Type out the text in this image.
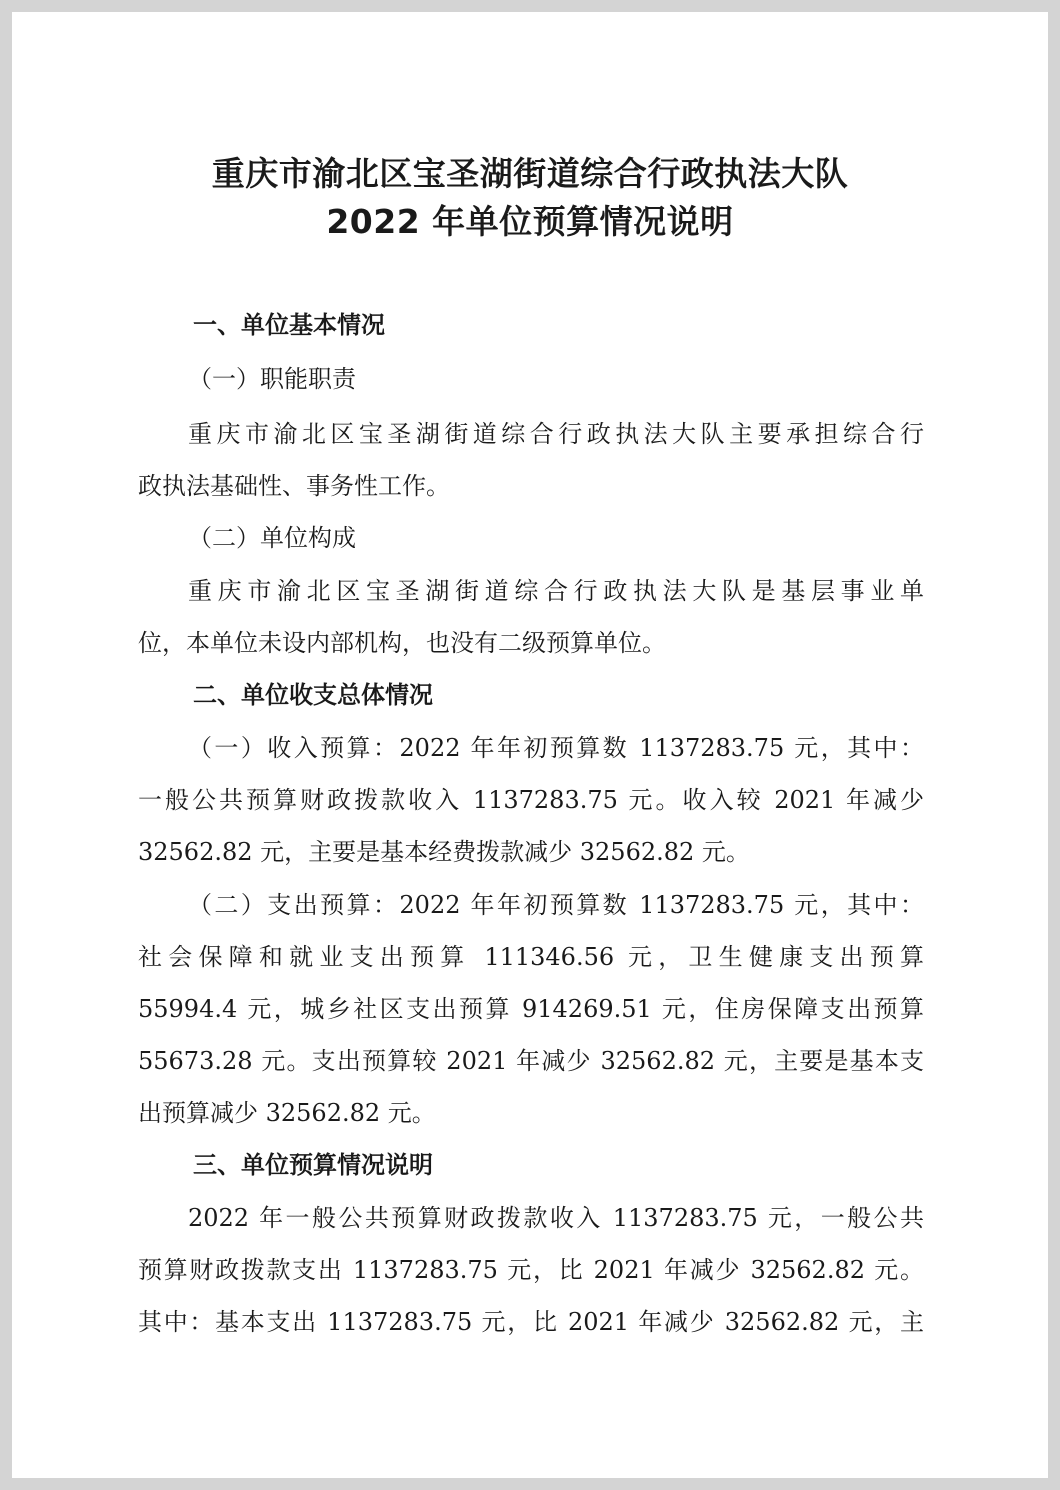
重庆市渝北区宝圣湖街道综合行政执法大队
2022 年单位预算情况说明
一、单位基本情况
（一）职能职责
重庆市渝北区宝圣湖街道综合行政执法大队主要承担综合行
政执法基础性、事务性工作。
（二）单位构成
重庆市渝北区宝圣湖街道综合行政执法大队是基层事业单
位，本单位未设内部机构，也没有二级预算单位。
二、单位收支总体情况
（一）收入预算：2022 年年初预算数 1137283.75 元，其中：
一般公共预算财政拨款收入 1137283.75 元。收入较 2021 年减少
32562.82 元，主要是基本经费拨款减少 32562.82 元。
（二）支出预算：2022 年年初预算数 1137283.75 元，其中：
社会保障和就业支出预算 111346.56 元，卫生健康支出预算
55994.4 元，城乡社区支出预算 914269.51 元，住房保障支出预算
55673.28 元。支出预算较 2021 年减少 32562.82 元，主要是基本支
出预算减少 32562.82 元。
三、单位预算情况说明
2022 年一般公共预算财政拨款收入 1137283.75 元，一般公共
预算财政拨款支出 1137283.75 元，比 2021 年减少 32562.82 元。
其中：基本支出 1137283.75 元，比 2021 年减少 32562.82 元，主
